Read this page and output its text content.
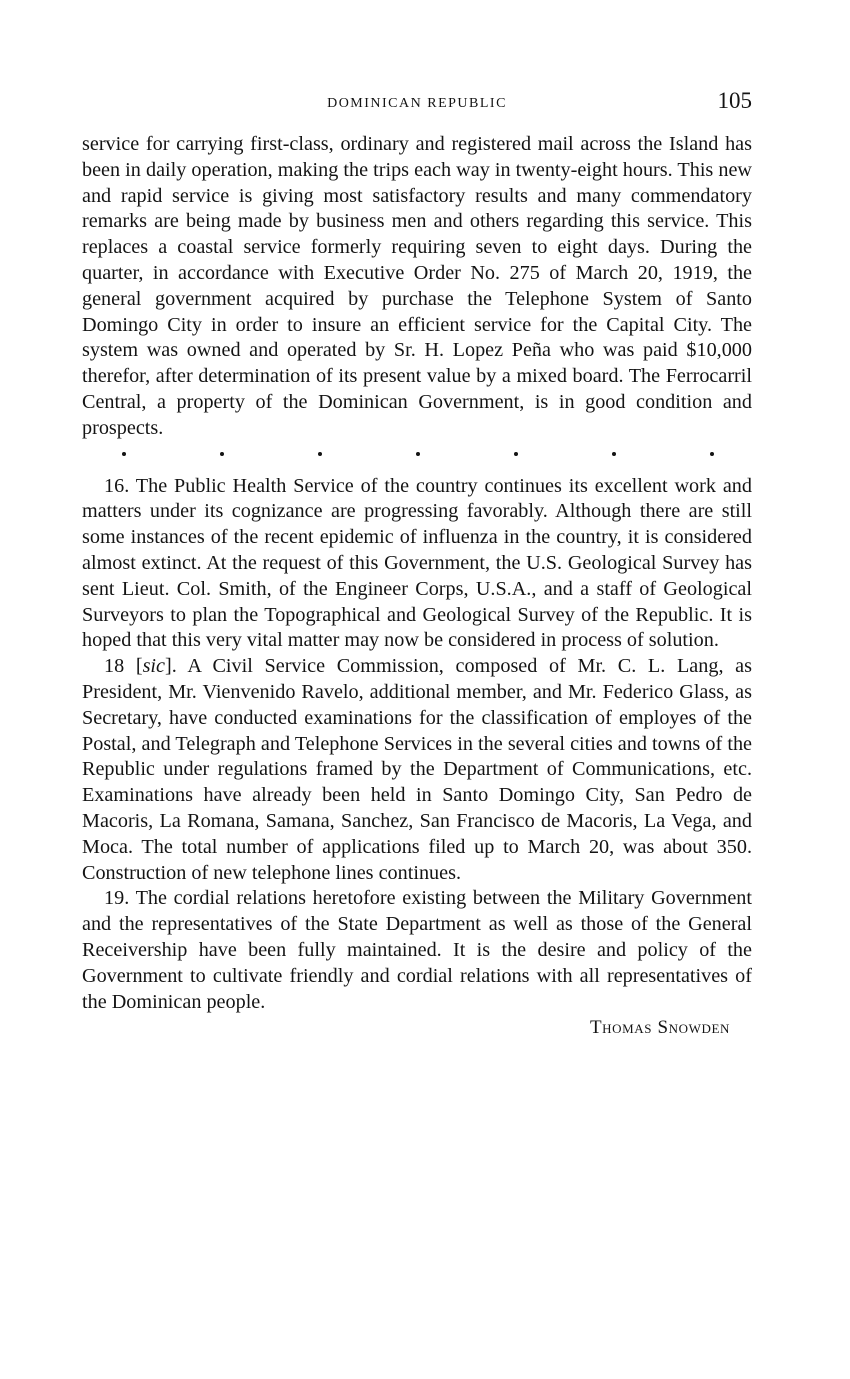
DOMINICAN REPUBLIC	105

service for carrying first-class, ordinary and registered mail across the Island has been in daily operation, making the trips each way in twenty-eight hours. This new and rapid service is giving most satisfactory results and many commendatory remarks are being made by business men and others regarding this service. This replaces a coastal service formerly requiring seven to eight days. During the quarter, in accordance with Executive Order No. 275 of March 20, 1919, the general government acquired by purchase the Telephone System of Santo Domingo City in order to insure an efficient service for the Capital City. The system was owned and operated by Sr. H. Lopez Peña who was paid $10,000 therefor, after determination of its present value by a mixed board. The Ferrocarril Central, a property of the Dominican Government, is in good condition and prospects.

16. The Public Health Service of the country continues its excellent work and matters under its cognizance are progressing favorably. Although there are still some instances of the recent epidemic of influenza in the country, it is considered almost extinct. At the request of this Government, the U.S. Geological Survey has sent Lieut. Col. Smith, of the Engineer Corps, U.S.A., and a staff of Geological Surveyors to plan the Topographical and Geological Survey of the Republic. It is hoped that this very vital matter may now be considered in process of solution.

18 [sic]. A Civil Service Commission, composed of Mr. C. L. Lang, as President, Mr. Vienvenido Ravelo, additional member, and Mr. Federico Glass, as Secretary, have conducted examinations for the classification of employes of the Postal, and Telegraph and Telephone Services in the several cities and towns of the Republic under regulations framed by the Department of Communications, etc. Examinations have already been held in Santo Domingo City, San Pedro de Macoris, La Romana, Samana, Sanchez, San Francisco de Macoris, La Vega, and Moca. The total number of applications filed up to March 20, was about 350. Construction of new telephone lines continues.

19. The cordial relations heretofore existing between the Military Government and the representatives of the State Department as well as those of the General Receivership have been fully maintained. It is the desire and policy of the Government to cultivate friendly and cordial relations with all representatives of the Dominican people.

Thomas Snowden
